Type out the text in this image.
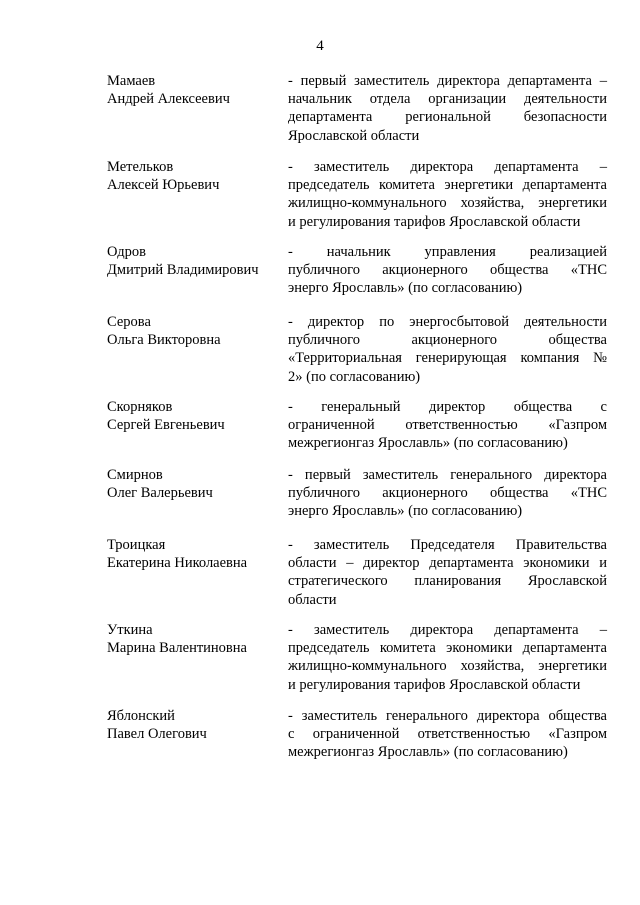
4
Мамаев
Андрей Алексеевич
- первый заместитель директора департамента –
начальник отдела организации деятельности
департамента региональной безопасности
Ярославской области
Метельков
Алексей Юрьевич
- заместитель директора департамента –
председатель комитета энергетики департамента
жилищно-коммунального хозяйства, энергетики
и регулирования тарифов Ярославской области
Одров
Дмитрий Владимирович
- начальник управления реализацией
публичного акционерного общества «ТНС
энерго Ярославль» (по согласованию)
Серова
Ольга Викторовна
- директор по энергосбытовой деятельности
публичного акционерного общества
«Территориальная генерирующая компания №
2» (по согласованию)
Скорняков
Сергей Евгеньевич
- генеральный директор общества с
ограниченной ответственностью «Газпром
межрегионгаз Ярославль» (по согласованию)
Смирнов
Олег Валерьевич
- первый заместитель генерального директора
публичного акционерного общества «ТНС
энерго Ярославль» (по согласованию)
Троицкая
Екатерина Николаевна
- заместитель Председателя Правительства
области – директор департамента экономики и
стратегического планирования Ярославской
области
Уткина
Марина Валентиновна
- заместитель директора департамента –
председатель комитета экономики департамента
жилищно-коммунального хозяйства, энергетики
и регулирования тарифов Ярославской области
Яблонский
Павел Олегович
- заместитель генерального директора общества
с ограниченной ответственностью «Газпром
межрегионгаз Ярославль» (по согласованию)
